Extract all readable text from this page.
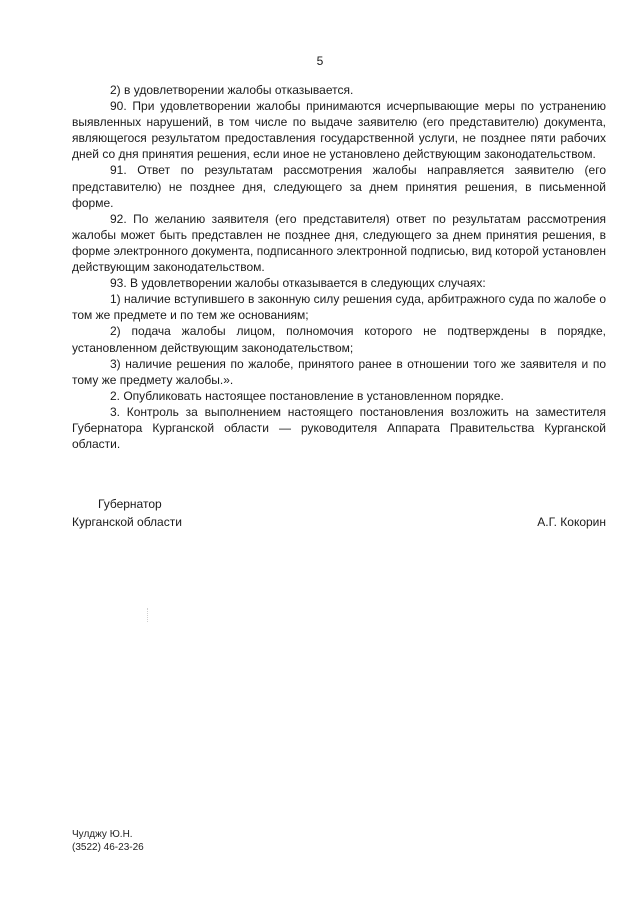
5

2) в удовлетворении жалобы отказывается.

90. При удовлетворении жалобы принимаются исчерпывающие меры по устранению выявленных нарушений, в том числе по выдаче заявителю (его представителю) документа, являющегося результатом предоставления государственной услуги, не позднее пяти рабочих дней со дня принятия решения, если иное не установлено действующим законодательством.

91. Ответ по результатам рассмотрения жалобы направляется заявителю (его представителю) не позднее дня, следующего за днем принятия решения, в письменной форме.

92. По желанию заявителя (его представителя) ответ по результатам рассмотрения жалобы может быть представлен не позднее дня, следующего за днем принятия решения, в форме электронного документа, подписанного электронной подписью, вид которой установлен действующим законодательством.

93. В удовлетворении жалобы отказывается в следующих случаях:

1) наличие вступившего в законную силу решения суда, арбитражного суда по жалобе о том же предмете и по тем же основаниям;

2) подача жалобы лицом, полномочия которого не подтверждены в порядке, установленном действующим законодательством;

3) наличие решения по жалобе, принятого ранее в отношении того же заявителя и по тому же предмету жалобы.».

2. Опубликовать настоящее постановление в установленном порядке.

3. Контроль за выполнением настоящего постановления возложить на заместителя Губернатора Курганской области — руководителя Аппарата Правительства Курганской области.

Губернатор
Курганской области	А.Г. Кокорин
Чулджу Ю.Н.
(3522) 46-23-26
